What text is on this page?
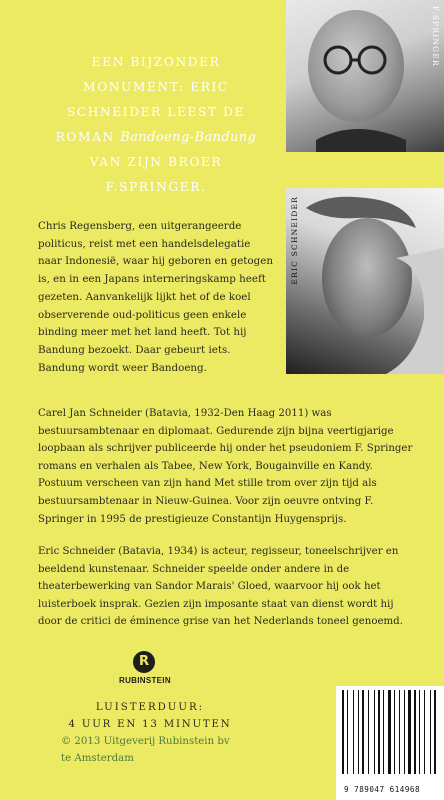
EEN BIJZONDER
MONUMENT: ERIC
SCHNEIDER LEEST DE
ROMAN Bandoeng-Bandung
VAN ZIJN BROER
F.SPRINGER.
F.SPRINGER
ERIC SCHNEIDER
Chris Regensberg, een uitgerangeerde politicus, reist met een handelsdelegatie naar Indonesië, waar hij geboren en getogen is, en in een Japans interneringskamp heeft gezeten. Aanvankelijk lijkt het of de koel observerende oud-politicus geen enkele binding meer met het land heeft. Tot hij Bandung bezoekt. Daar gebeurt iets. Bandung wordt weer Bandoeng.
Carel Jan Schneider (Batavia, 1932-Den Haag 2011) was bestuursambtenaar en diplomaat. Gedurende zijn bijna veertigjarige loopbaan als schrijver publiceerde hij onder het pseudoniem F. Springer romans en verhalen als Tabee, New York, Bougainville en Kandy. Postuum verscheen van zijn hand Met stille trom over zijn tijd als bestuursambtenaar in Nieuw-Guinea. Voor zijn oeuvre ontving F. Springer in 1995 de prestigieuze Constantijn Huygensprijs.
Eric Schneider (Batavia, 1934) is acteur, regisseur, toneelschrijver en beeldend kunstenaar. Schneider speelde onder andere in de theaterbewerking van Sandor Marais' Gloed, waarvoor hij ook het luisterboek insprak. Gezien zijn imposante staat van dienst wordt hij door de critici de éminence grise van het Nederlands toneel genoemd.
R
RUBINSTEIN
LUISTERDUUR:
4 UUR EN 13 MINUTEN
© 2013 Uitgeverij Rubinstein bv
te Amsterdam
9 789047 614968
